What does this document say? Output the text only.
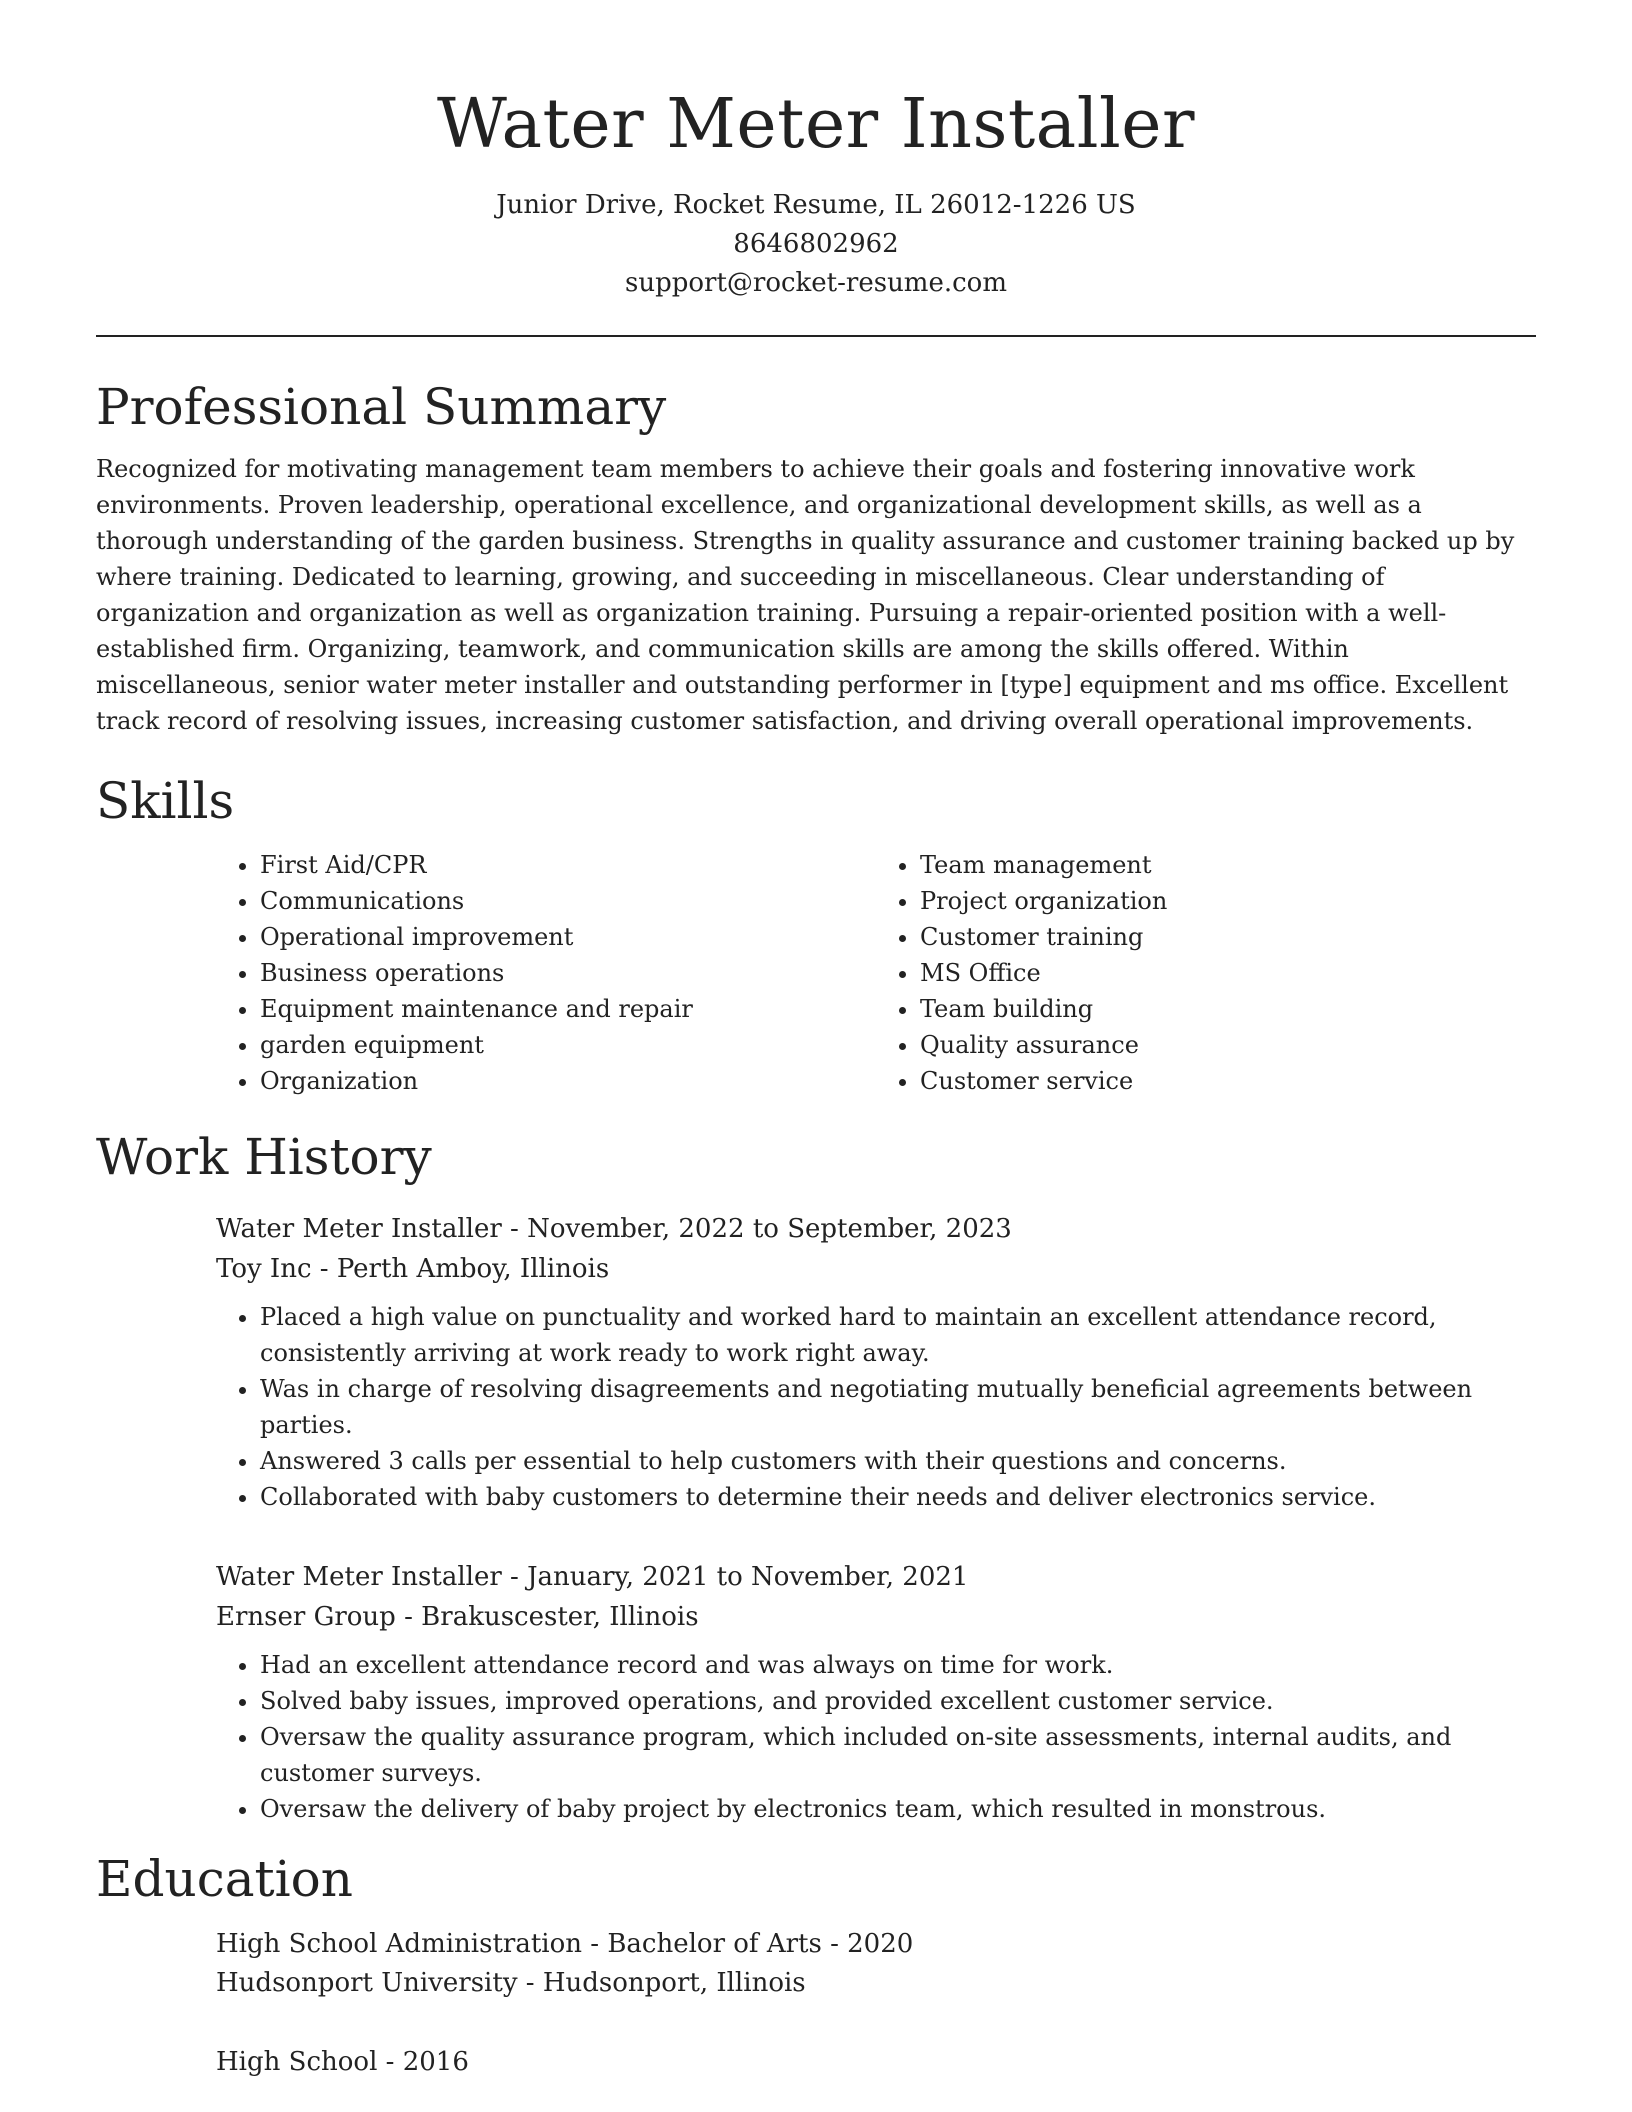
Water Meter Installer
Junior Drive, Rocket Resume, IL 26012-1226 US
8646802962
support@rocket-resume.com
Professional Summary

Recognized for motivating management team members to achieve their goals and fostering innovative work environments. Proven leadership, operational excellence, and organizational development skills, as well as a thorough understanding of the garden business. Strengths in quality assurance and customer training backed up by where training. Dedicated to learning, growing, and succeeding in miscellaneous. Clear understanding of organization and organization as well as organization training. Pursuing a repair-oriented position with a well-established firm. Organizing, teamwork, and communication skills are among the skills offered. Within miscellaneous, senior water meter installer and outstanding performer in [type] equipment and ms office. Excellent track record of resolving issues, increasing customer satisfaction, and driving overall operational improvements.

Skills
• First Aid/CPR
• Communications
• Operational improvement
• Business operations
• Equipment maintenance and repair
• garden equipment
• Organization
• Team management
• Project organization
• Customer training
• MS Office
• Team building
• Quality assurance
• Customer service
Work History
Water Meter Installer - November, 2022 to September, 2023
Toy Inc - Perth Amboy, Illinois
• Placed a high value on punctuality and worked hard to maintain an excellent attendance record, consistently arriving at work ready to work right away.
• Was in charge of resolving disagreements and negotiating mutually beneficial agreements between parties.
• Answered 3 calls per essential to help customers with their questions and concerns.
• Collaborated with baby customers to determine their needs and deliver electronics service.
Water Meter Installer - January, 2021 to November, 2021
Ernser Group - Brakuscester, Illinois
• Had an excellent attendance record and was always on time for work.
• Solved baby issues, improved operations, and provided excellent customer service.
• Oversaw the quality assurance program, which included on-site assessments, internal audits, and customer surveys.
• Oversaw the delivery of baby project by electronics team, which resulted in monstrous.
Education
High School Administration - Bachelor of Arts - 2020
Hudsonport University - Hudsonport, Illinois
High School - 2016
